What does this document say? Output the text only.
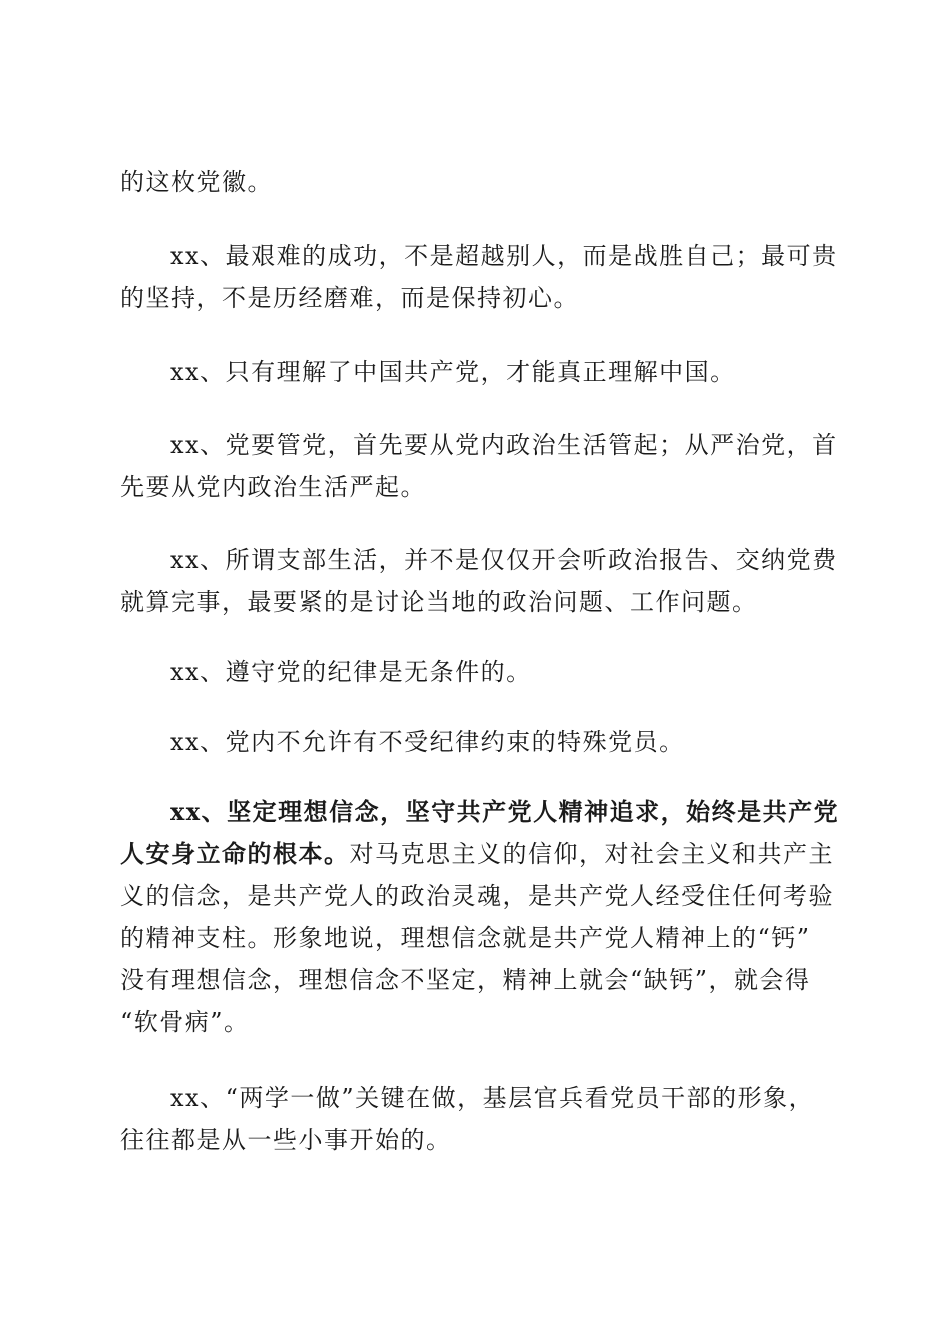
的这枚党徽。
xx、最艰难的成功，不是超越别人，而是战胜自己；最可贵
的坚持，不是历经磨难，而是保持初心。
xx、只有理解了中国共产党，才能真正理解中国。
xx、党要管党，首先要从党内政治生活管起；从严治党，首
先要从党内政治生活严起。
xx、所谓支部生活，并不是仅仅开会听政治报告、交纳党费
就算完事，最要紧的是讨论当地的政治问题、工作问题。
xx、遵守党的纪律是无条件的。
xx、党内不允许有不受纪律约束的特殊党员。
xx、坚定理想信念，坚守共产党人精神追求，始终是共产党
人安身立命的根本。对马克思主义的信仰，对社会主义和共产主
义的信念，是共产党人的政治灵魂，是共产党人经受住任何考验
的精神支柱。形象地说，理想信念就是共产党人精神上的“钙”
没有理想信念，理想信念不坚定，精神上就会“缺钙”，就会得
“软骨病”。
xx、“两学一做”关键在做，基层官兵看党员干部的形象，
往往都是从一些小事开始的。
